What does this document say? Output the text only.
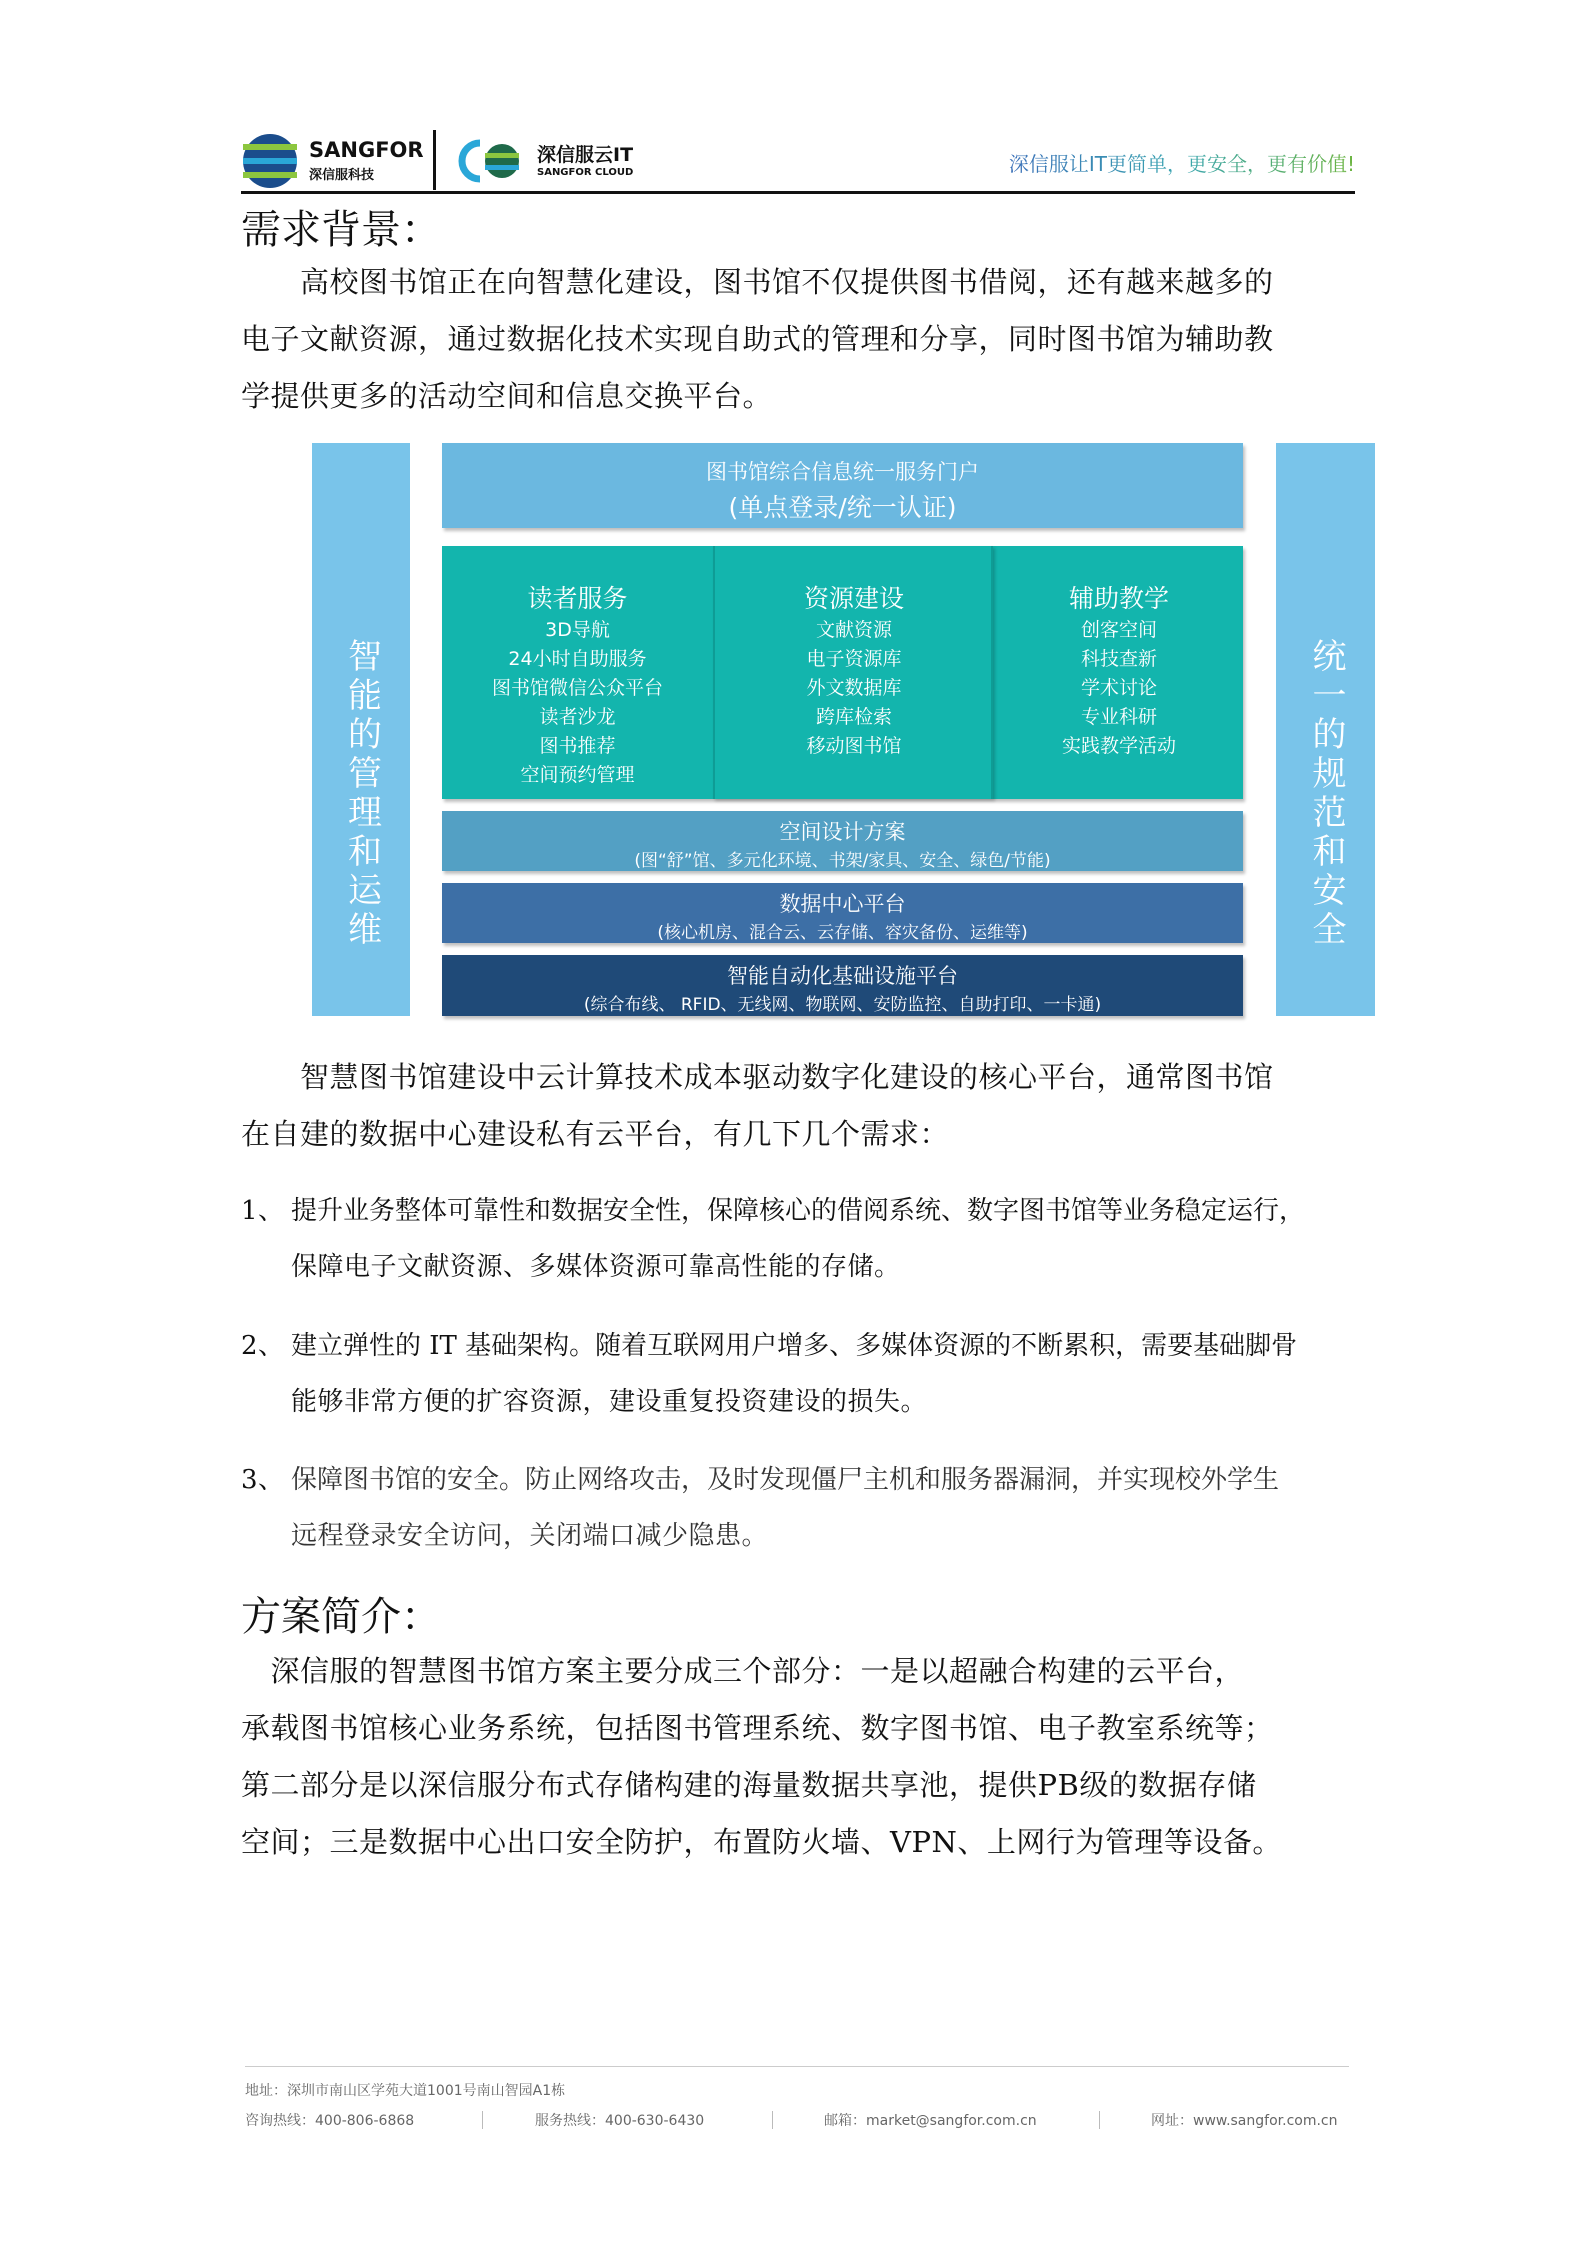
SANGFOR
深信服科技
深信服云IT
SANGFOR CLOUD	深信服让IT更简单，更安全，更有价值!
需求背景：
　　高校图书馆正在向智慧化建设，图书馆不仅提供图书借阅，还有越来越多的
电子文献资源，通过数据化技术实现自助式的管理和分享，同时图书馆为辅助教
学提供更多的活动空间和信息交换平台。
智能的管理和运维	统一的规范和安全
图书馆综合信息统一服务门户
(单点登录/统一认证)
读者服务
3D导航
24小时自助服务
图书馆微信公众平台
读者沙龙
图书推荐
空间预约管理
资源建设
文献资源
电子资源库
外文数据库
跨库检索
移动图书馆
辅助教学
创客空间
科技查新
学术讨论
专业科研
实践教学活动
空间设计方案
(图“舒”馆、多元化环境、书架/家具、安全、绿色/节能)
数据中心平台
(核心机房、混合云、云存储、容灾备份、运维等)
智能自动化基础设施平台
(综合布线、 RFID、无线网、物联网、安防监控、自助打印、一卡通)
　　智慧图书馆建设中云计算技术成本驱动数字化建设的核心平台，通常图书馆
在自建的数据中心建设私有云平台，有几下几个需求：
1、 提升业务整体可靠性和数据安全性，保障核心的借阅系统、数字图书馆等业务稳定运行，
保障电子文献资源、多媒体资源可靠高性能的存储。
2、 建立弹性的 IT 基础架构。随着互联网用户增多、多媒体资源的不断累积，需要基础脚骨
能够非常方便的扩容资源，建设重复投资建设的损失。
3、 保障图书馆的安全。防止网络攻击，及时发现僵尸主机和服务器漏洞，并实现校外学生
远程登录安全访问，关闭端口减少隐患。
方案简介：
　深信服的智慧图书馆方案主要分成三个部分：一是以超融合构建的云平台，
承载图书馆核心业务系统，包括图书管理系统、数字图书馆、电子教室系统等；
第二部分是以深信服分布式存储构建的海量数据共享池，提供PB级的数据存储
空间；三是数据中心出口安全防护，布置防火墙、VPN、上网行为管理等设备。
地址：深圳市南山区学苑大道1001号南山智园A1栋
咨询热线：400-806-6868	服务热线：400-630-6430	邮箱：market@sangfor.com.cn	网址：www.sangfor.com.cn
